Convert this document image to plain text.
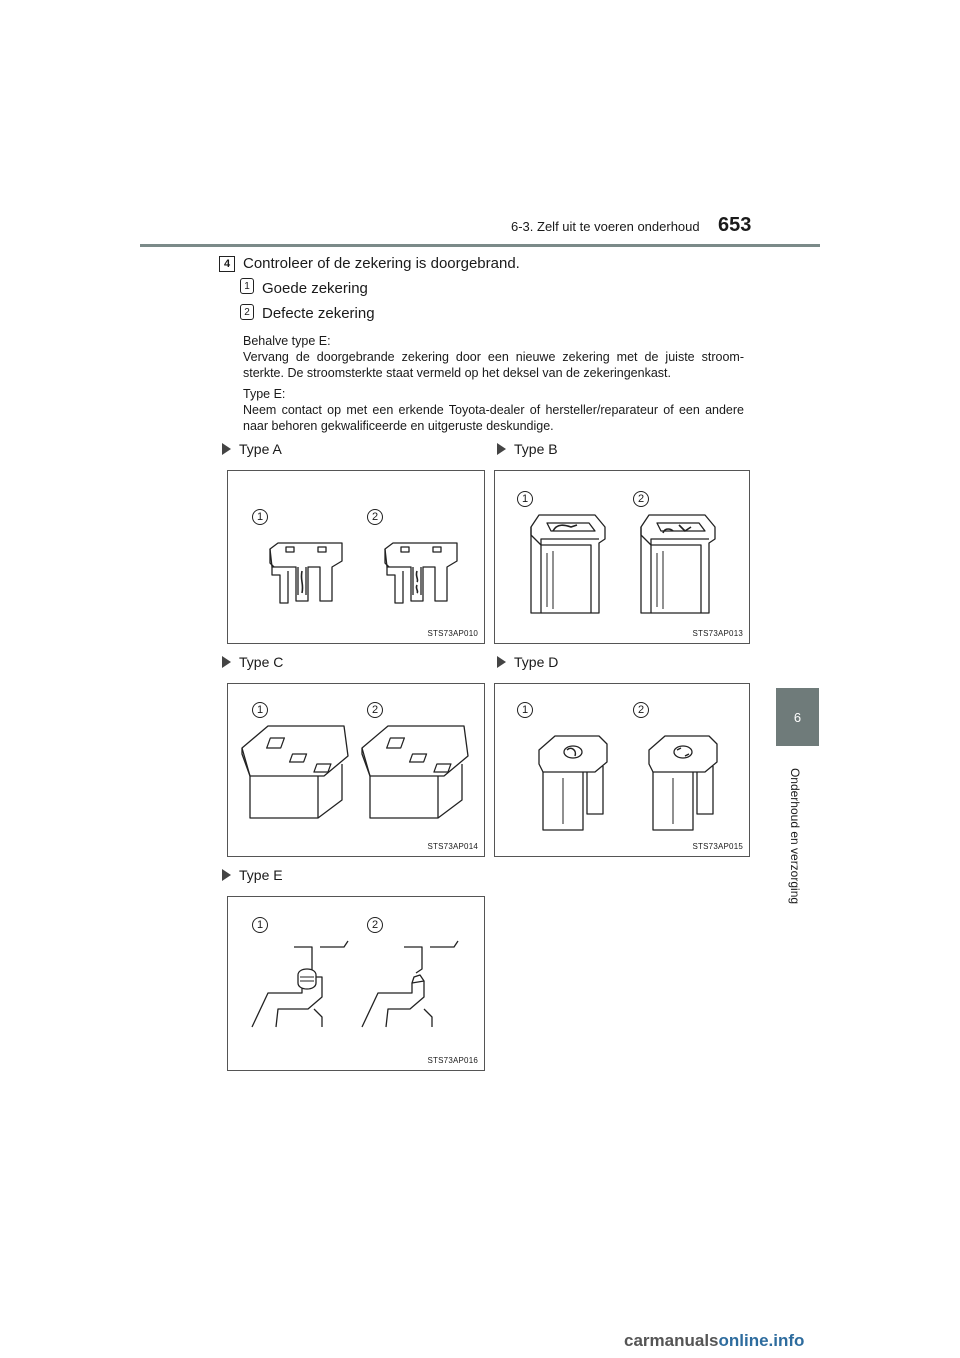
6-3. Zelf uit te voeren onderhoud 653
6
Onderhoud en verzorging
4 Controleer of de zekering is doorgebrand.
1 Goede zekering
2 Defecte zekering
Behalve type E:
Vervang de doorgebrande zekering door een nieuwe zekering met de juiste stroom-sterkte. De stroomsterkte staat vermeld op het deksel van de zekeringenkast.
Type E:
Neem contact op met een erkende Toyota-dealer of hersteller/reparateur of een andere naar behoren gekwalificeerde en uitgeruste deskundige.
Type A	Type B
Type C	Type D
Type E
1	2
STS73AP010
1	2
STS73AP013
1	2
STS73AP014
1	2
STS73AP015
1	2
STS73AP016
carmanualsonline.info
